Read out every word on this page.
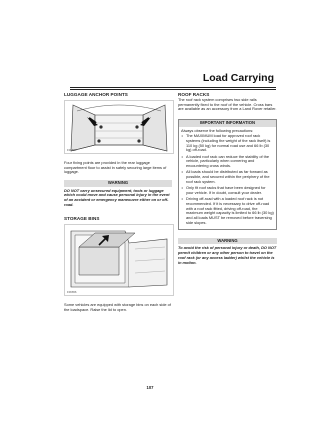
Load Carrying

LUGGAGE ANCHOR POINTS

F06654

Four fixing points are provided in the rear luggage compartment floor to assist in safely securing large items of luggage.

WARNING

DO NOT carry unsecured equipment, tools or luggage which could move and cause personal injury in the event of an accident or emergency maneouvre either on or off-road.

STORAGE BINS

F06656

Some vehicles are equipped with storage bins on each side of the loadspace. Raise the lid to open.

ROOF RACKS

The roof rack system comprises two side rails permanently fixed to the roof of the vehicle. Cross bars are available as an accessory from a Land Rover retailer.

IMPORTANT INFORMATION

Always observe the following precautions:

• The MAXIMUM load for approved roof rack systems (including the weight of the rack itself) is 110 kg (50 kg) for normal road use and 66 lb (30 kg) off-road.
• A loaded roof rack can reduce the stability of the vehicle, particularly when cornering and encountering cross winds.
• All loads should be distributed as far forward as possible, and secured within the periphery of the roof rack system.
• Only fit roof racks that have been designed for your vehicle. If in doubt, consult your dealer.
• Driving off-road with a loaded roof rack is not recommended. If it is necessary to drive off-road with a roof rack fitted, driving off-road, the maximum weight capacity is limited to 66 lb (30 kg) and all loads MUST be removed before traversing side slopes.
WARNING

To avoid the risk of personal injury or death, DO NOT permit children or any other person to travel on the roof rack (or any access ladder) whilst the vehicle is in motion.

107
